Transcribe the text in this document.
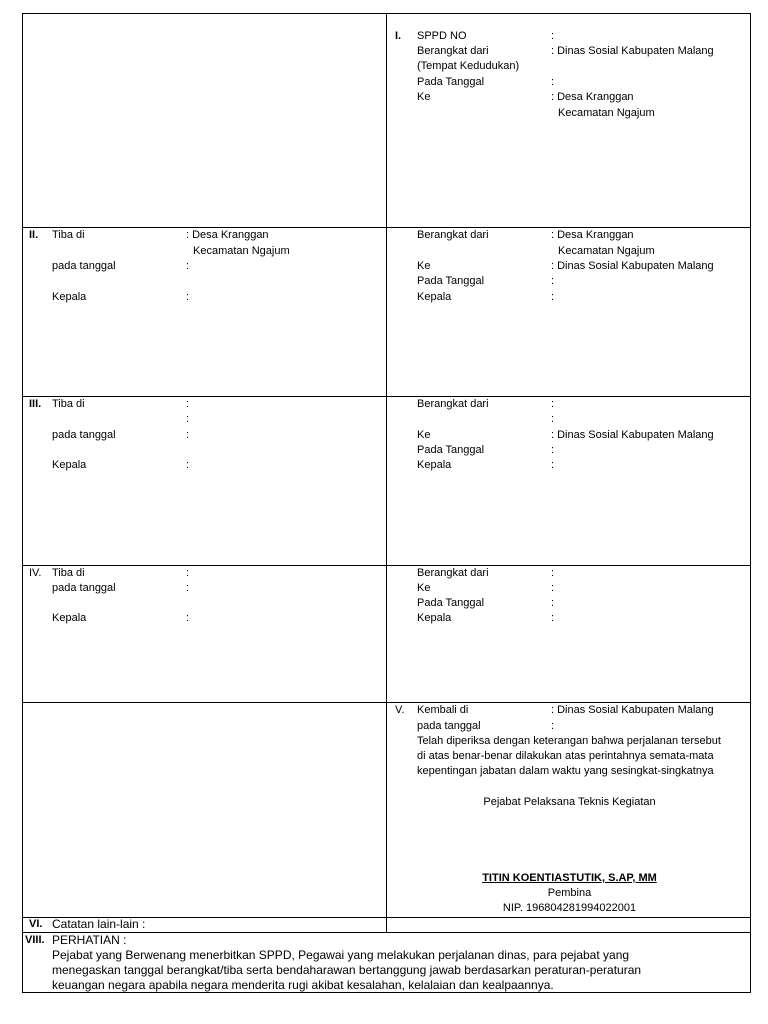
I. SPPD NO	:
Berangkat dari	: Dinas Sosial Kabupaten Malang
(Tempat Kedudukan)
Pada Tanggal	:
Ke	: Desa Kranggan
Kecamatan Ngajum
II. Tiba di	: Desa Kranggan
Kecamatan Ngajum
pada tanggal	:
Kepala	:
Berangkat dari	: Desa Kranggan
Kecamatan Ngajum
Ke	: Dinas Sosial Kabupaten Malang
Pada Tanggal	:
Kepala	:
III. Tiba di	:
:
pada tanggal	:
Kepala	:
Berangkat dari	:
:
Ke	: Dinas Sosial Kabupaten Malang
Pada Tanggal	:
Kepala	:
IV. Tiba di	:
pada tanggal	:
Kepala	:
Berangkat dari	:
Ke	:
Pada Tanggal	:
Kepala	:
V. Kembali di	: Dinas Sosial Kabupaten Malang
pada tanggal	:
Telah diperiksa dengan keterangan bahwa perjalanan tersebut
di atas benar-benar dilakukan atas perintahnya semata-mata
kepentingan jabatan dalam waktu yang sesingkat-singkatnya
Pejabat Pelaksana Teknis Kegiatan
TITIN KOENTIASTUTIK, S.AP, MM
Pembina
NIP. 196804281994022001
VI. Catatan lain-lain :
VIII. PERHATIAN :
Pejabat yang Berwenang menerbitkan SPPD, Pegawai yang melakukan perjalanan dinas, para pejabat yang
menegaskan tanggal berangkat/tiba serta bendaharawan bertanggung jawab berdasarkan peraturan-peraturan
keuangan negara apabila negara menderita rugi akibat kesalahan, kelalaian dan kealpaannya.
